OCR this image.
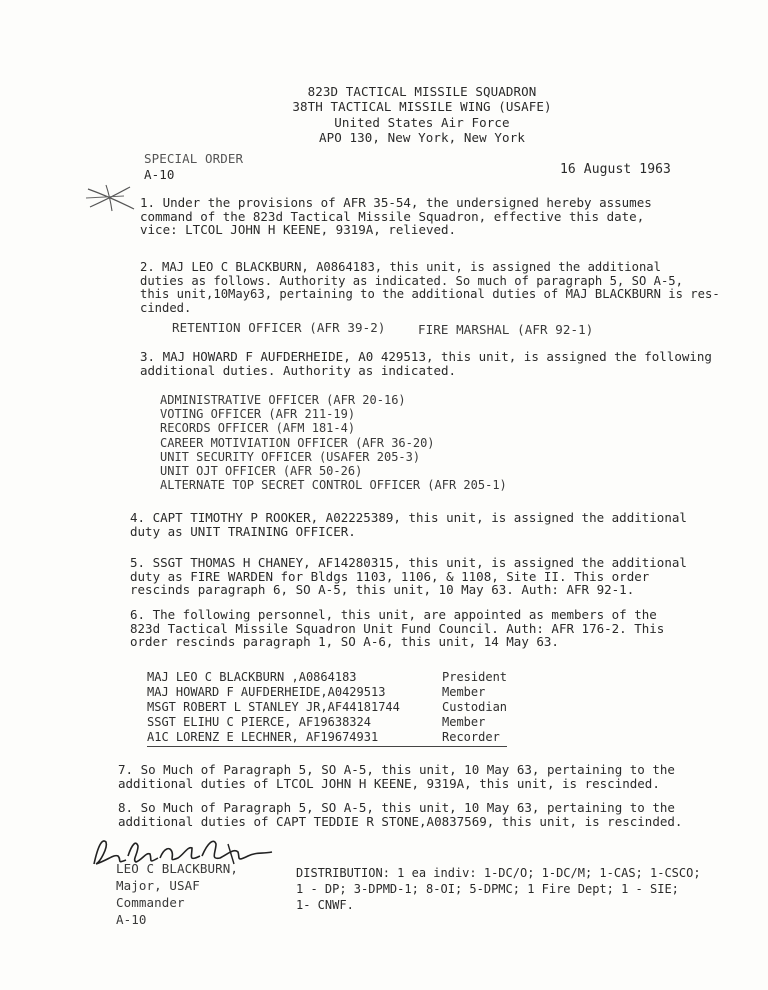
823D TACTICAL MISSILE SQUADRON
38TH TACTICAL MISSILE WING (USAFE)
United States Air Force
APO 130, New York, New York
SPECIAL ORDER
A-10	16 August 1963
1. Under the provisions of AFR 35-54, the undersigned hereby assumes
command of the 823d Tactical Missile Squadron, effective this date,
vice: LTCOL JOHN H KEENE, 9319A, relieved.
2. MAJ LEO C BLACKBURN, A0864183, this unit, is assigned the additional
duties as follows. Authority as indicated. So much of paragraph 5, SO A-5,
this unit,10May63, pertaining to the additional duties of MAJ BLACKBURN is res-
cinded.
RETENTION OFFICER (AFR 39-2)	FIRE MARSHAL (AFR 92-1)
3. MAJ HOWARD F AUFDERHEIDE, A0 429513, this unit, is assigned the following
additional duties. Authority as indicated.
ADMINISTRATIVE OFFICER (AFR 20-16)
VOTING OFFICER (AFR 211-19)
RECORDS OFFICER (AFM 181-4)
CAREER MOTIVIATION OFFICER (AFR 36-20)
UNIT SECURITY OFFICER (USAFER 205-3)
UNIT OJT OFFICER (AFR 50-26)
ALTERNATE TOP SECRET CONTROL OFFICER (AFR 205-1)
4. CAPT TIMOTHY P ROOKER, A02225389, this unit, is assigned the additional
duty as UNIT TRAINING OFFICER.
5. SSGT THOMAS H CHANEY, AF14280315, this unit, is assigned the additional
duty as FIRE WARDEN for Bldgs 1103, 1106, & 1108, Site II. This order
rescinds paragraph 6, SO A-5, this unit, 10 May 63. Auth: AFR 92-1.
6. The following personnel, this unit, are appointed as members of the
823d Tactical Missile Squadron Unit Fund Council. Auth: AFR 176-2. This
order rescinds paragraph 1, SO A-6, this unit, 14 May 63.
MAJ LEO C BLACKBURN ,A0864183	President
MAJ HOWARD F AUFDERHEIDE,A0429513	Member
MSGT ROBERT L STANLEY JR,AF44181744	Custodian
SSGT ELIHU C PIERCE, AF19638324	Member
A1C LORENZ E LECHNER, AF19674931	Recorder
7. So Much of Paragraph 5, SO A-5, this unit, 10 May 63, pertaining to the
additional duties of LTCOL JOHN H KEENE, 9319A, this unit, is rescinded.
8. So Much of Paragraph 5, SO A-5, this unit, 10 May 63, pertaining to the
additional duties of CAPT TEDDIE R STONE,A0837569, this unit, is rescinded.
LEO C BLACKBURN,
Major, USAF
Commander
A-10
DISTRIBUTION: 1 ea indiv: 1-DC/O; 1-DC/M; 1-CAS; 1-CSCO;
1 - DP; 3-DPMD-1; 8-OI; 5-DPMC; 1 Fire Dept; 1 - SIE;
1- CNWF.
